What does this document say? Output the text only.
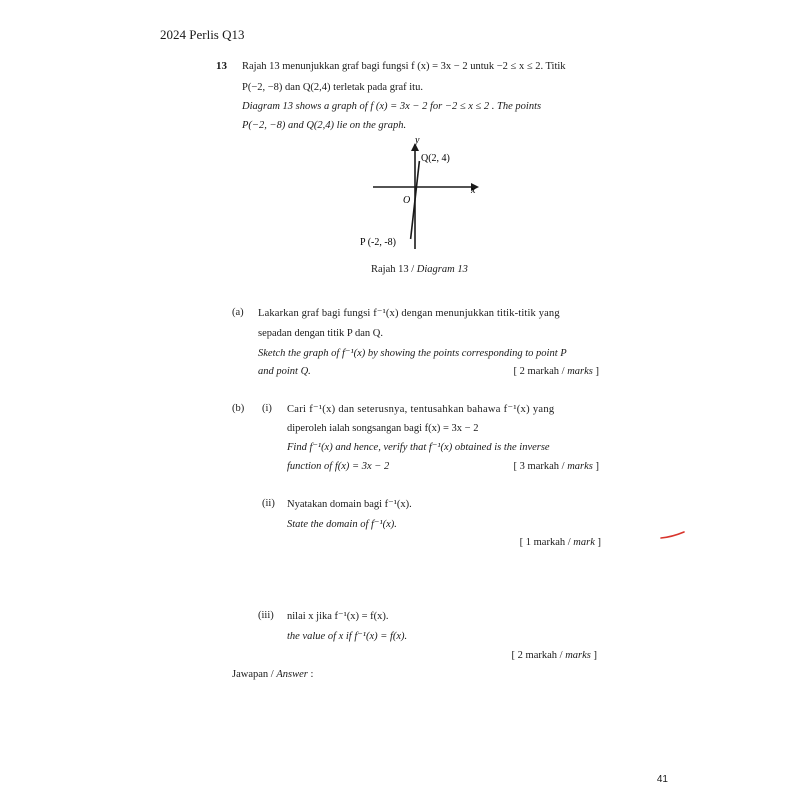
2024 Perlis Q13
13 Rajah 13 menunjukkan graf bagi fungsi f (x) = 3x − 2 untuk −2 ≤ x ≤ 2. Titik
P(−2, −8) dan Q(2,4) terletak pada graf itu.
Diagram 13 shows a graph of f (x) = 3x − 2 for −2 ≤ x ≤ 2 . The points
P(−2, −8) and Q(2,4) lie on the graph.
y
x
O
Q(2, 4)
P (-2, -8)
Rajah 13 / Diagram 13
(a) Lakarkan graf bagi fungsi f⁻¹(x) dengan menunjukkan titik-titik yang
sepadan dengan titik P dan Q.
Sketch the graph of f⁻¹(x) by showing the points corresponding to point P
and point Q.	[ 2 markah / marks ]
(b) (i) Cari f⁻¹(x) dan seterusnya, tentusahkan bahawa f⁻¹(x) yang
diperoleh ialah songsangan bagi f(x) = 3x − 2
Find f⁻¹(x) and hence, verify that f⁻¹(x) obtained is the inverse
function of f(x) = 3x − 2	[ 3 markah / marks ]
(ii) Nyatakan domain bagi f⁻¹(x).
State the domain of f⁻¹(x).
[ 1 markah / mark ]
(iii) nilai x jika f⁻¹(x) = f(x).
the value of x if f⁻¹(x) = f(x).
[ 2 markah / marks ]
Jawapan / Answer :
41
